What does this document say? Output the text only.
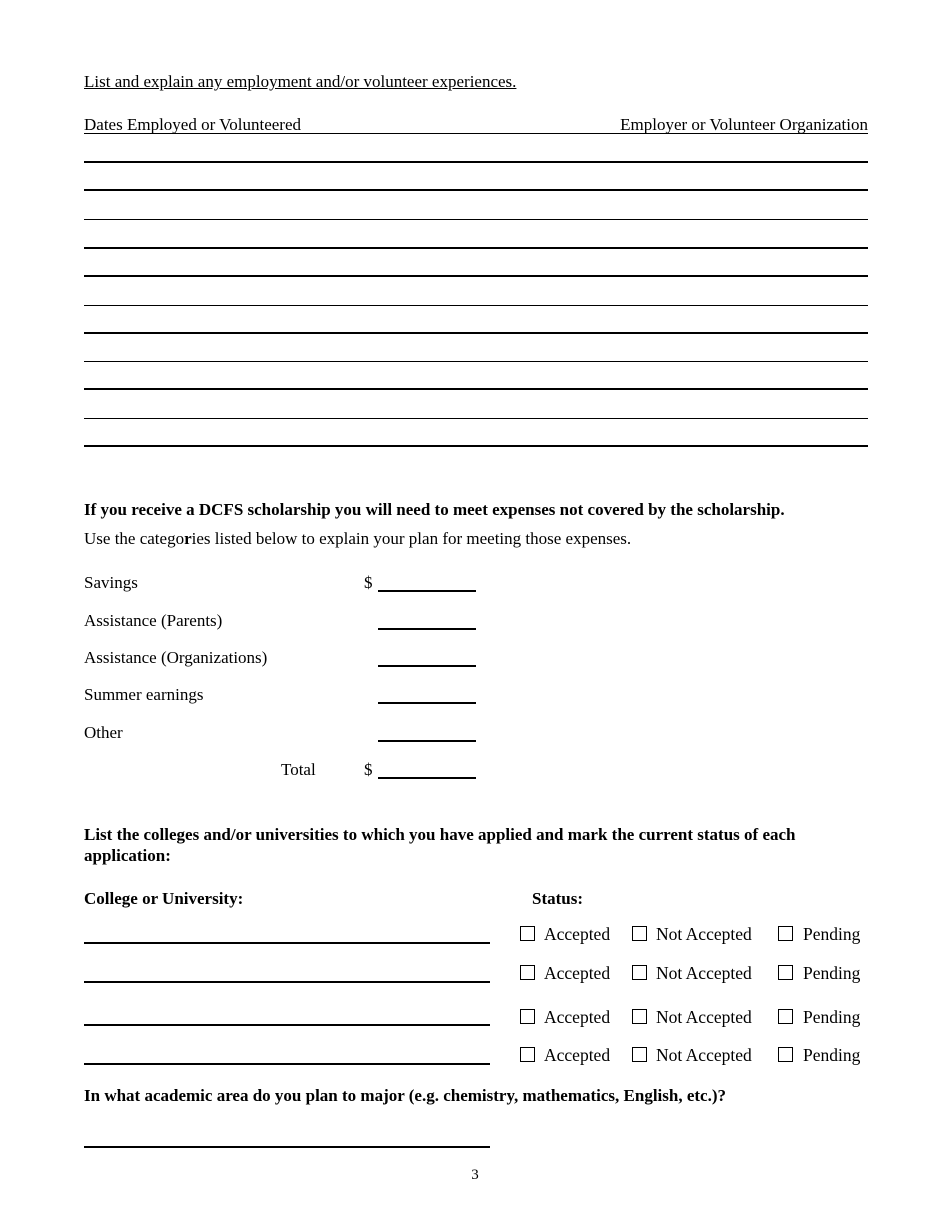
List and explain any employment and/or volunteer experiences.
Dates Employed or Volunteered	Employer or Volunteer Organization
If you receive a DCFS scholarship you will need to meet expenses not covered by the scholarship.
Use the categories listed below to explain your plan for meeting those expenses.
Savings	$
Assistance (Parents)
Assistance (Organizations)
Summer earnings
Other
Total	$
List the colleges and/or universities to which you have applied and mark the current status of each application:
College or University:	Status:
Accepted	Not Accepted	Pending
Accepted	Not Accepted	Pending
Accepted	Not Accepted	Pending
Accepted	Not Accepted	Pending
In what academic area do you plan to major (e.g. chemistry, mathematics, English, etc.)?
3
